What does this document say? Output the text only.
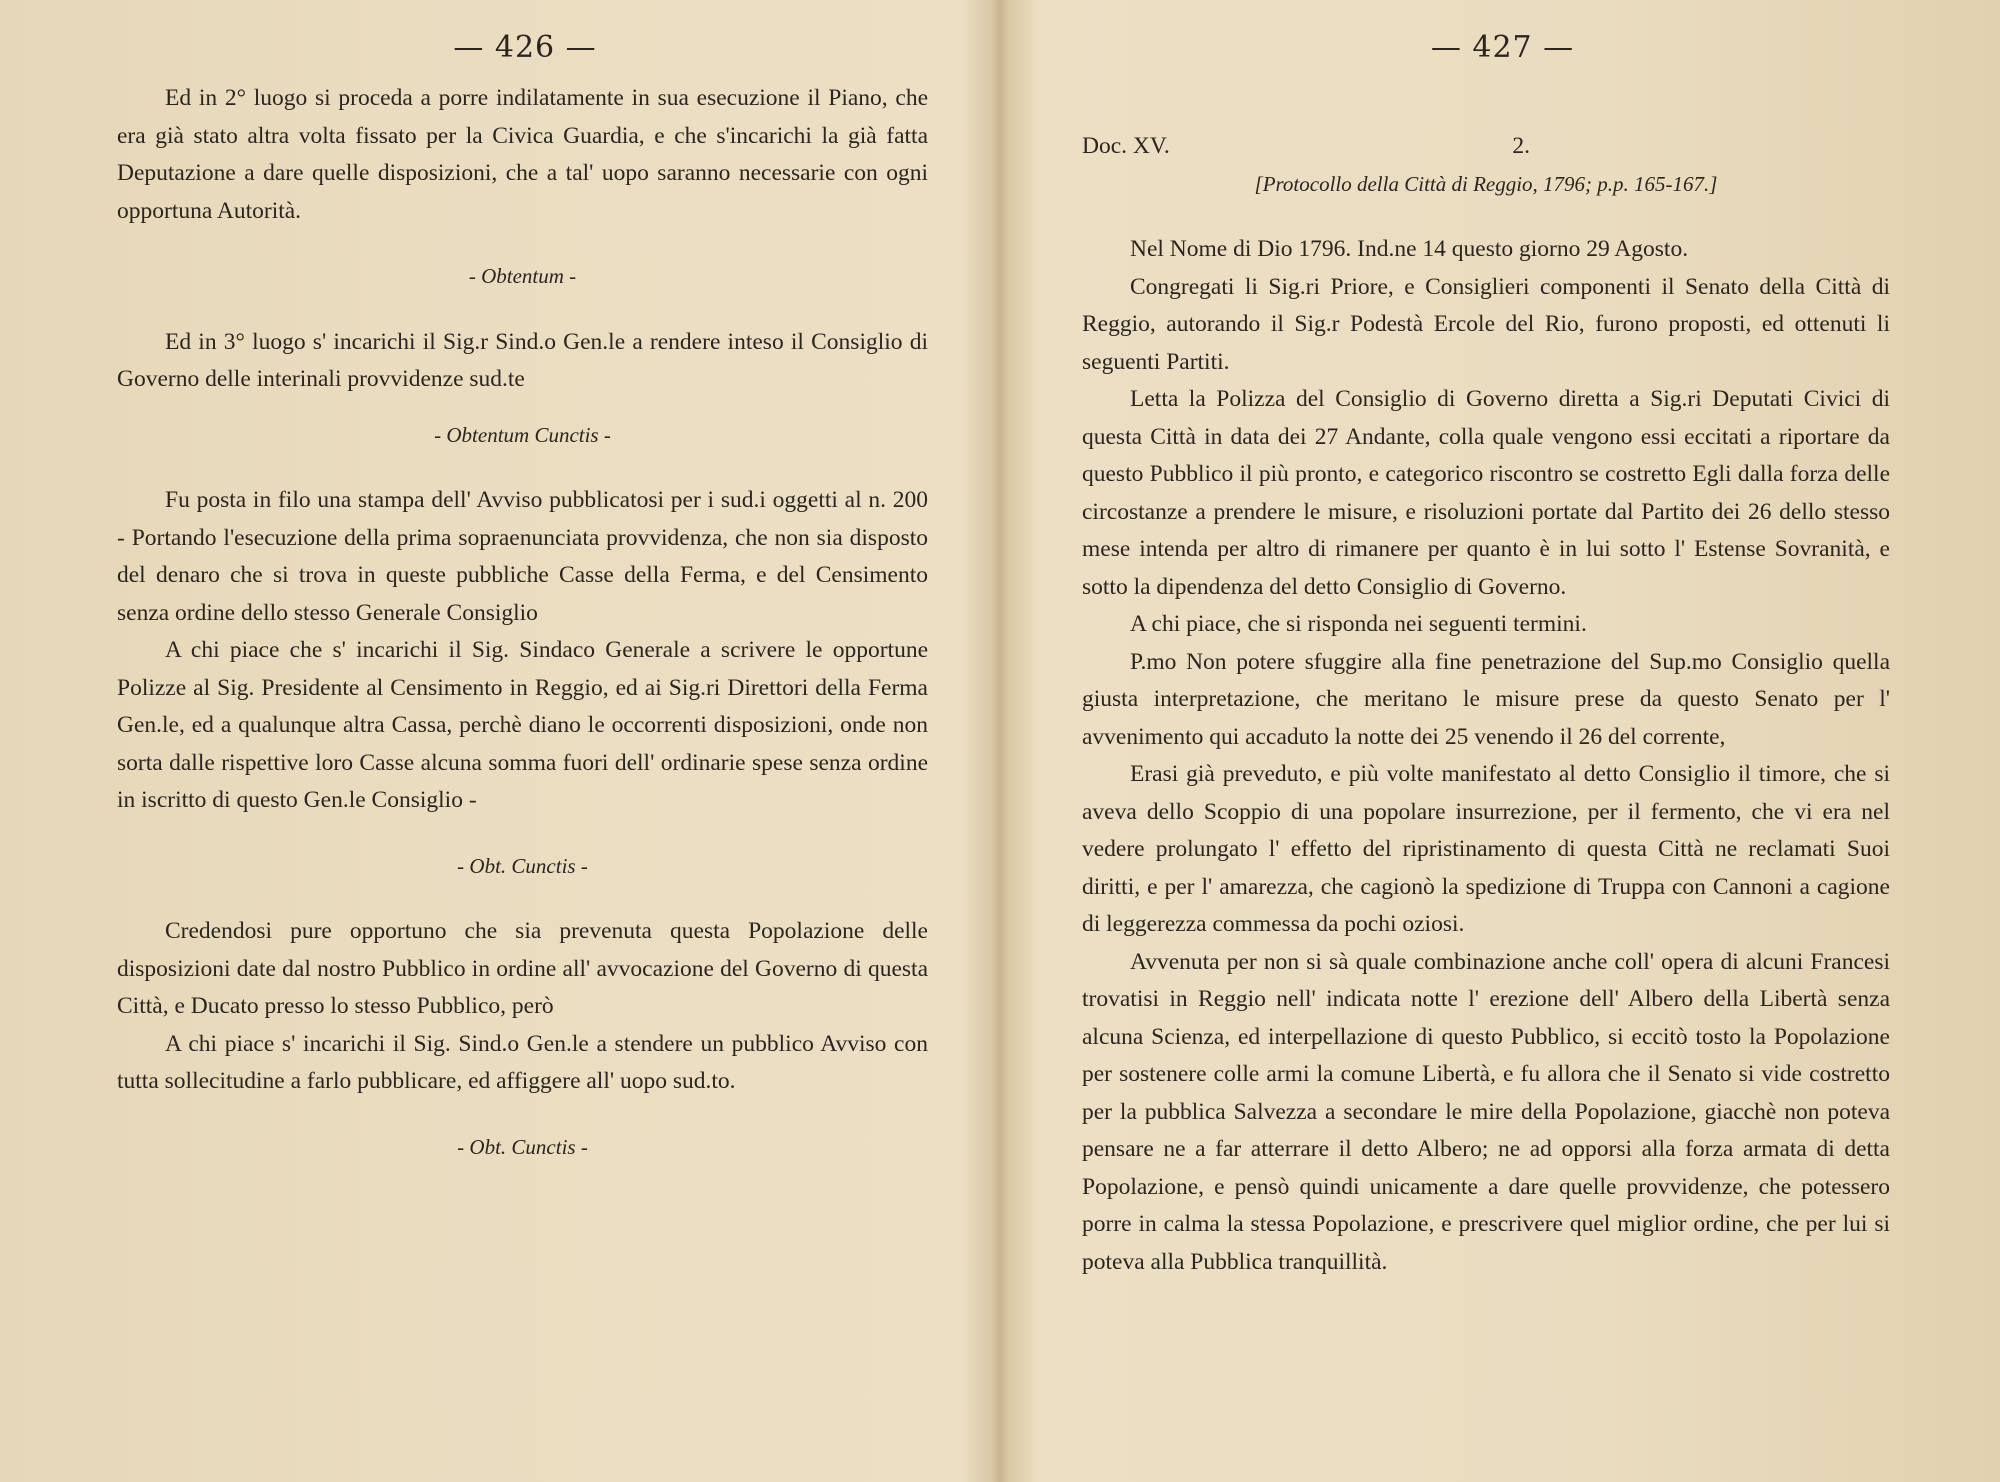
— 426 —

Ed in 2° luogo si proceda a porre indilatamente in sua esecuzione il Piano, che era già stato altra volta fissato per la Civica Guardia, e che s'incarichi la già fatta Deputazione a dare quelle disposizioni, che a tal' uopo saranno necessarie con ogni opportuna Autorità.

- Obtentum -

Ed in 3° luogo s' incarichi il Sig.r Sind.o Gen.le a rendere inteso il Consiglio di Governo delle interinali provvidenze sud.te

- Obtentum Cunctis -

Fu posta in filo una stampa dell' Avviso pubblicatosi per i sud.i oggetti al n. 200 - Portando l'esecuzione della prima sopraenunciata provvidenza, che non sia disposto del denaro che si trova in queste pubbliche Casse della Ferma, e del Censimento senza ordine dello stesso Generale Consiglio

A chi piace che s' incarichi il Sig. Sindaco Generale a scrivere le opportune Polizze al Sig. Presidente al Censimento in Reggio, ed ai Sig.ri Direttori della Ferma Gen.le, ed a qualunque altra Cassa, perchè diano le occorrenti disposizioni, onde non sorta dalle rispettive loro Casse alcuna somma fuori dell' ordinarie spese senza ordine in iscritto di questo Gen.le Consiglio -

- Obt. Cunctis -

Credendosi pure opportuno che sia prevenuta questa Popolazione delle disposizioni date dal nostro Pubblico in ordine all' avvocazione del Governo di questa Città, e Ducato presso lo stesso Pubblico, però

A chi piace s' incarichi il Sig. Sind.o Gen.le a stendere un pubblico Avviso con tutta sollecitudine a farlo pubblicare, ed affiggere all' uopo sud.to.

- Obt. Cunctis -

— 427 —
Doc. XV.	2.

[Protocollo della Città di Reggio, 1796; p.p. 165-167.]

Nel Nome di Dio 1796. Ind.ne 14 questo giorno 29 Agosto.

Congregati li Sig.ri Priore, e Consiglieri componenti il Senato della Città di Reggio, autorando il Sig.r Podestà Ercole del Rio, furono proposti, ed ottenuti li seguenti Partiti.

Letta la Polizza del Consiglio di Governo diretta a Sig.ri Deputati Civici di questa Città in data dei 27 Andante, colla quale vengono essi eccitati a riportare da questo Pubblico il più pronto, e categorico riscontro se costretto Egli dalla forza delle circostanze a prendere le misure, e risoluzioni portate dal Partito dei 26 dello stesso mese intenda per altro di rimanere per quanto è in lui sotto l' Estense Sovranità, e sotto la dipendenza del detto Consiglio di Governo.

A chi piace, che si risponda nei seguenti termini.

P.mo Non potere sfuggire alla fine penetrazione del Sup.mo Consiglio quella giusta interpretazione, che meritano le misure prese da questo Senato per l' avvenimento qui accaduto la notte dei 25 venendo il 26 del corrente,

Erasi già preveduto, e più volte manifestato al detto Consiglio il timore, che si aveva dello Scoppio di una popolare insurrezione, per il fermento, che vi era nel vedere prolungato l' effetto del ripristinamento di questa Città ne reclamati Suoi diritti, e per l' amarezza, che cagionò la spedizione di Truppa con Cannoni a cagione di leggerezza commessa da pochi oziosi.

Avvenuta per non si sà quale combinazione anche coll' opera di alcuni Francesi trovatisi in Reggio nell' indicata notte l' erezione dell' Albero della Libertà senza alcuna Scienza, ed interpellazione di questo Pubblico, si eccitò tosto la Popolazione per sostenere colle armi la comune Libertà, e fu allora che il Senato si vide costretto per la pubblica Salvezza a secondare le mire della Popolazione, giacchè non poteva pensare ne a far atterrare il detto Albero; ne ad opporsi alla forza armata di detta Popolazione, e pensò quindi unicamente a dare quelle provvidenze, che potessero porre in calma la stessa Popolazione, e prescrivere quel miglior ordine, che per lui si poteva alla Pubblica tranquillità.
